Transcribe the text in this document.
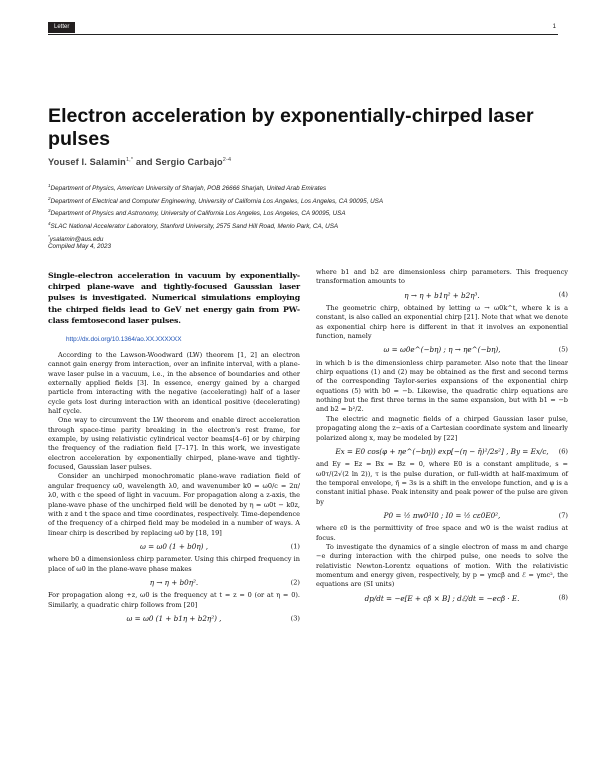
Letter	1
Electron acceleration by exponentially-chirped laser pulses
Yousef I. Salamin$^{1,*}$ and Sergio Carbajo$^{2-4}$
$^1$Department of Physics, American University of Sharjah, POB 26666 Sharjah, United Arab Emirates
$^2$Department of Electrical and Computer Engineering, University of California Los Angeles, Los Angeles, CA 90095, USA
$^3$Department of Physics and Astronomy, University of California Los Angeles, Los Angeles, CA 90095, USA
$^4$SLAC National Accelerator Laboratory, Stanford University, 2575 Sand Hill Road, Menlo Park, CA, USA
*ysalamin@aus.edu
Compiled May 4, 2023
Single-electron acceleration in vacuum by exponentially-chirped plane-wave and tightly-focused Gaussian laser pulses is investigated. Numerical simulations employing the chirped fields lead to GeV net energy gain from PW-class femtosecond laser pulses.
http://dx.doi.org/10.1364/ao.XX.XXXXXX

According to the Lawson-Woodward (LW) theorem [1, 2] an electron cannot gain energy from interaction, over an infinite interval, with a plane-wave laser pulse in a vacuum, i.e., in the absence of boundaries and other externally applied fields [3]. In essence, energy gained by a charged particle from interacting with the negative (accelerating) half of a laser cycle gets lost during interaction with an identical positive (decelerating) half cycle.

One way to circumvent the LW theorem and enable direct acceleration through space-time parity breaking in the electron's rest frame, for example, by using relativistic cylindrical vector beams[4–6] or by chirping the frequency of the radiation field [7–17]. In this work, we investigate electron acceleration by exponentially chirped, plane-wave and tightly-focused, Gaussian laser pulses.

Consider an unchirped monochromatic plane-wave radiation field of angular frequency ω0, wavelength λ0, and wavenumber k0 = ω0/c = 2π/λ0, with c the speed of light in vacuum. For propagation along a z-axis, the plane-wave phase of the unchirped field will be denoted by η = ω0t − k0z, with z and t the space and time coordinates, respectively. Time-dependence of the frequency of a chirped field may be modeled in a number of ways. A linear chirp is described by replacing ω0 by [18, 19]

ω = ω0 (1 + b0η) ,	(1)

where b0 a dimensionless chirp parameter. Using this chirped frequency in place of ω0 in the plane-wave phase makes

η → η + b0η².	(2)

For propagation along +z, ω0 is the frequency at t = z = 0 (or at η = 0). Similarly, a quadratic chirp follows from [20]

ω = ω0 (1 + b1η + b2η²) ,	(3)

where b1 and b2 are dimensionless chirp parameters. This frequency transformation amounts to

η → η + b1η² + b2η³.	(4)

The geometric chirp, obtained by letting ω → ω0k^t, where k is a constant, is also called an exponential chirp [21]. Note that what we denote as exponential chirp here is different in that it involves an exponential function, namely

ω = ω0e^(−bη) ; η → ηe^(−bη),	(5)

in which b is the dimensionless chirp parameter. Also note that the linear chirp equations (1) and (2) may be obtained as the first and second terms of the corresponding Taylor-series expansions of the exponential chirp equations (5) with b0 = −b. Likewise, the quadratic chirp equations are nothing but the first three terms in the same expansion, but with b1 = −b and b2 = b²/2.

The electric and magnetic fields of a chirped Gaussian laser pulse, propagating along the z−axis of a Cartesian coordinate system and linearly polarized along x, may be modeled by [22]

Ex = E0 cos(φ + ηe^(−bη)) exp[−(η − η̄)²/2s²] , By = Ex/c, (6)

and Ey = Ez = Bx = Bz = 0, where E0 is a constant amplitude, s = ω0τ/(2√(2 ln 2)), τ is the pulse duration, or full-width at half-maximum of the temporal envelope, η̄ = 3s is a shift in the envelope function, and φ is a constant initial phase. Peak intensity and peak power of the pulse are given by

P0 = ½ πw0²I0 ; I0 = ½ cε0E0²,	(7)

where ε0 is the permittivity of free space and w0 is the waist radius at focus.

To investigate the dynamics of a single electron of mass m and charge −e during interaction with the chirped pulse, one needs to solve the relativistic Newton-Lorentz equations of motion. With the relativistic momentum and energy given, respectively, by p = γmcβ and ℰ = γmc², the equations are (SI units)

dp/dt = −e[E + cβ × B] ; dℰ/dt = −ecβ · E.	(8)
